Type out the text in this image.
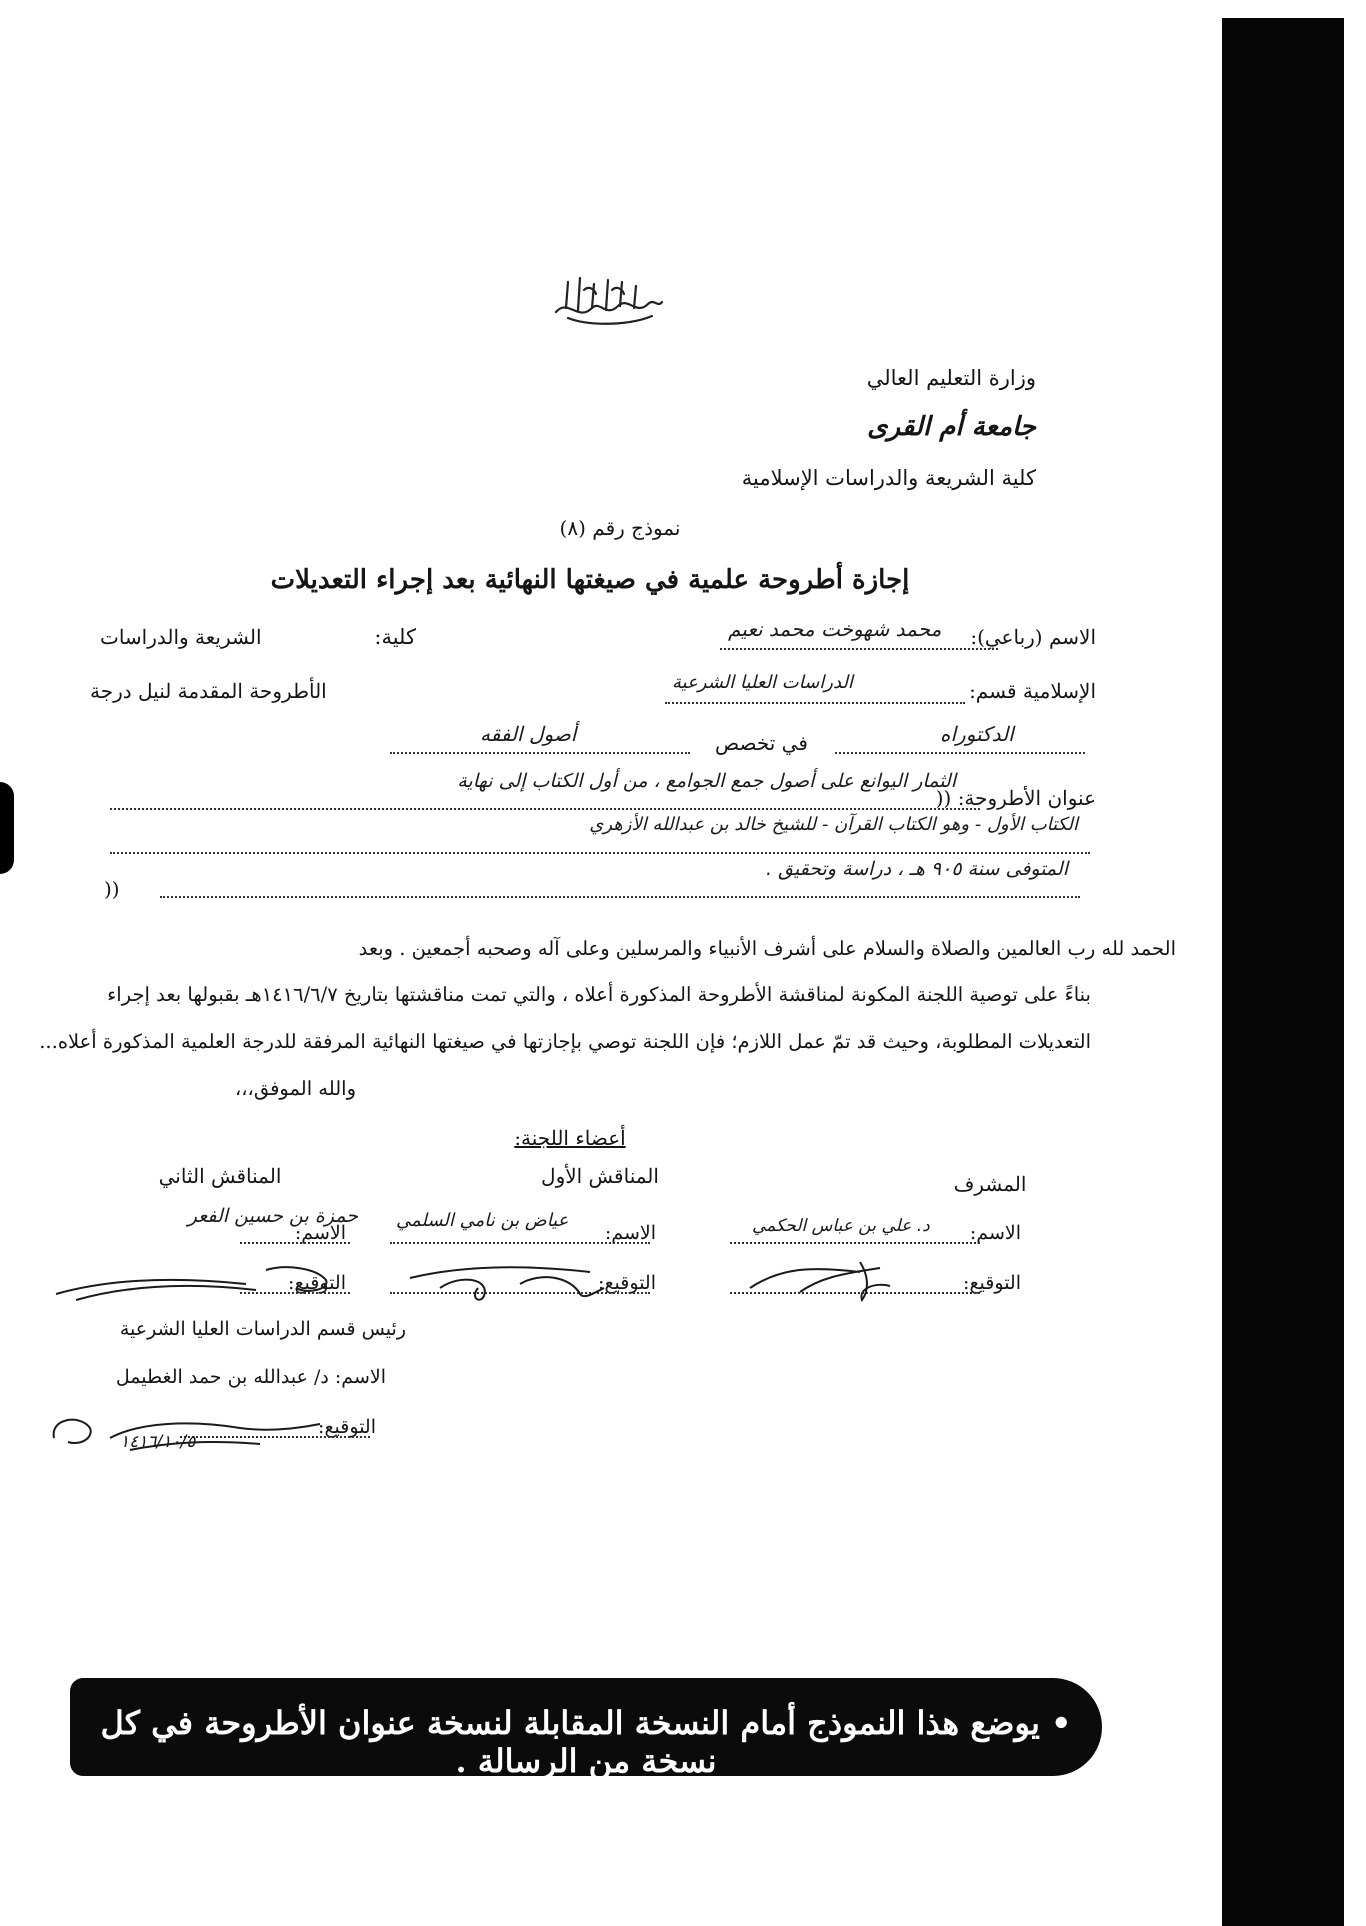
وزارة التعليم العالي
جامعة أم القرى
كلية الشريعة والدراسات الإسلامية
نموذج رقم (٨)
إجازة أطروحة علمية في صيغتها النهائية بعد إجراء التعديلات
الاسم (رباعي):
محمد شهوخت محمد نعيم
كلية:
الشريعة والدراسات
الإسلامية قسم:
الدراسات العليا الشرعية
الأطروحة المقدمة لنيل درجة
الدكتوراه
في تخصص
أصول الفقه
عنوان الأطروحة: ((
الثمار اليوانع على أصول جمع الجوامع ، من أول الكتاب إلى نهاية
الكتاب الأول - وهو الكتاب القرآن - للشيخ خالد بن عبدالله الأزهري
المتوفى سنة ٩٠٥ هـ ، دراسة وتحقيق .
))
الحمد لله رب العالمين والصلاة والسلام على أشرف الأنبياء والمرسلين وعلى آله وصحبه أجمعين . وبعد
بناءً على توصية اللجنة المكونة لمناقشة الأطروحة المذكورة أعلاه ، والتي تمت مناقشتها بتاريخ ١٤١٦/٦/٧هـ بقبولها بعد إجراء
التعديلات المطلوبة، وحيث قد تمّ عمل اللازم؛ فإن اللجنة توصي بإجازتها في صيغتها النهائية المرفقة للدرجة العلمية المذكورة أعلاه...
والله الموفق،،،
أعضاء اللجنة:
المشرف
المناقش الأول
المناقش الثاني
الاسم:
د. علي بن عباس الحكمي
التوقيع:
الاسم:
عياض بن نامي السلمي
التوقيع:
الاسم:
حمزة بن حسين الفعر
التوقيع:
رئيس قسم الدراسات العليا الشرعية
الاسم: د/ عبدالله بن حمد الغطيمل
التوقيع:
١٤١٦/١٠/٥
• يوضع هذا النموذج أمام النسخة المقابلة لنسخة عنوان الأطروحة في كل نسخة من الرسالة .
